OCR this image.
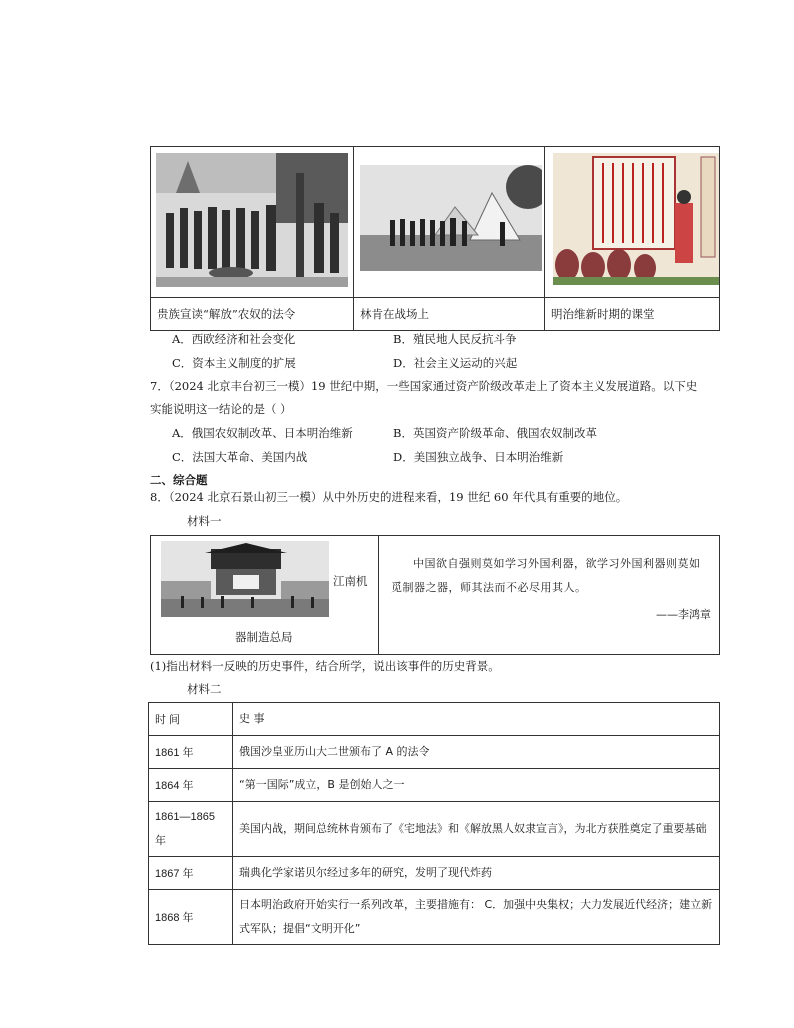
贵族宣读“解放”农奴的法令	林肯在战场上	明治维新时期的课堂
A．西欧经济和社会变化	B．殖民地人民反抗斗争
C．资本主义制度的扩展	D．社会主义运动的兴起
7．（2024 北京丰台初三一模）19 世纪中期，一些国家通过资产阶级改革走上了资本主义发展道路。以下史
实能说明这一结论的是（ ）
A．俄国农奴制改革、日本明治维新	B．英国资产阶级革命、俄国农奴制改革
C．法国大革命、美国内战	D．美国独立战争、日本明治维新
二、综合题
8．（2024 北京石景山初三一模）从中外历史的进程来看，19 世纪 60 年代具有重要的地位。
材料一
江南机
器制造总局
中国欲自强则莫如学习外国利器，欲学习外国利器则莫如觅制器之器，师其法而不必尽用其人。
——李鸿章
(1)指出材料一反映的历史事件，结合所学，说出该事件的历史背景。
材料二
时 间	史 事
1861 年	俄国沙皇亚历山大二世颁布了 A 的法令
1864 年	“第一国际”成立，B 是创始人之一
1861—1865 年	美国内战，期间总统林肯颁布了《宅地法》和《解放黑人奴隶宣言》，为北方获胜奠定了重要基础
1867 年	瑞典化学家诺贝尔经过多年的研究，发明了现代炸药
1868 年	日本明治政府开始实行一系列改革，主要措施有： C．加强中央集权；大力发展近代经济；建立新式军队；提倡“文明开化”
